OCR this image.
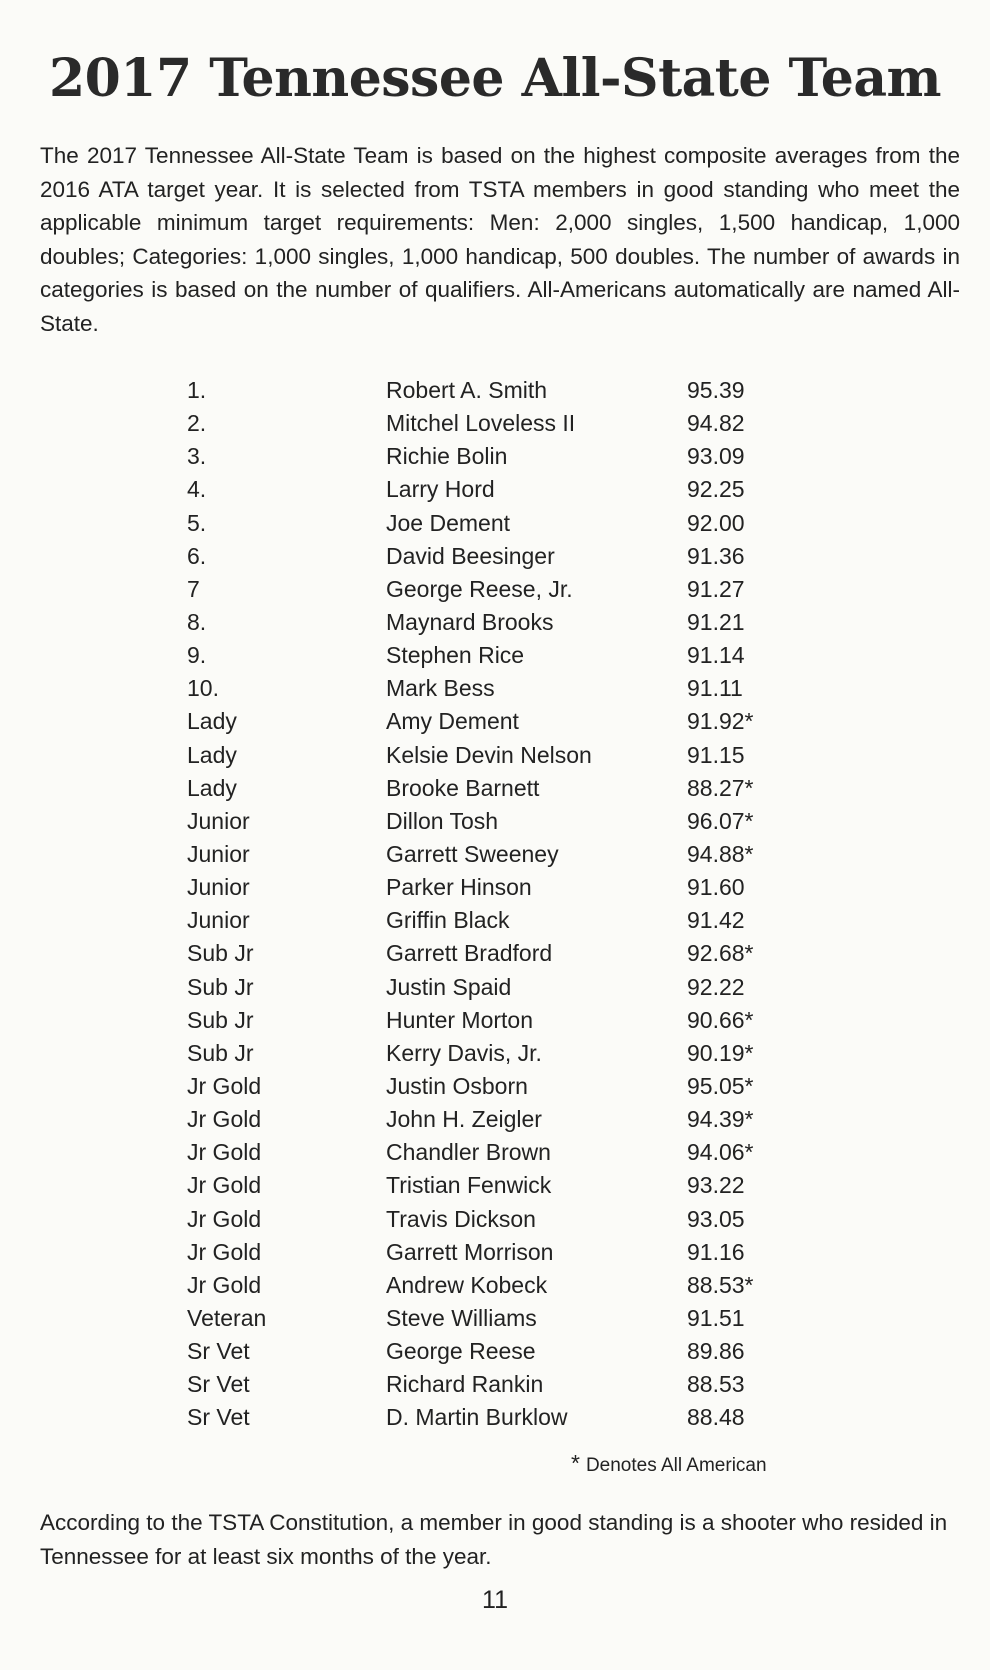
2017 Tennessee All-State Team

The 2017 Tennessee All-State Team is based on the highest composite averages from the 2016 ATA target year. It is selected from TSTA members in good standing who meet the applicable minimum target requirements: Men: 2,000 singles, 1,500 handicap, 1,000 doubles; Categories: 1,000 singles, 1,000 handicap, 500 doubles. The number of awards in categories is based on the number of qualifiers. All-Americans automatically are named All-State.

1.	Robert A. Smith	95.39
2.	Mitchel Loveless II	94.82
3.	Richie Bolin	93.09
4.	Larry Hord	92.25
5.	Joe Dement	92.00
6.	David Beesinger	91.36
7	George Reese, Jr.	91.27
8.	Maynard Brooks	91.21
9.	Stephen Rice	91.14
10.	Mark Bess	91.11
Lady	Amy Dement	91.92*
Lady	Kelsie Devin Nelson	91.15
Lady	Brooke Barnett	88.27*
Junior	Dillon Tosh	96.07*
Junior	Garrett Sweeney	94.88*
Junior	Parker Hinson	91.60
Junior	Griffin Black	91.42
Sub Jr	Garrett Bradford	92.68*
Sub Jr	Justin Spaid	92.22
Sub Jr	Hunter Morton	90.66*
Sub Jr	Kerry Davis, Jr.	90.19*
Jr Gold	Justin Osborn	95.05*
Jr Gold	John H. Zeigler	94.39*
Jr Gold	Chandler Brown	94.06*
Jr Gold	Tristian Fenwick	93.22
Jr Gold	Travis Dickson	93.05
Jr Gold	Garrett Morrison	91.16
Jr Gold	Andrew Kobeck	88.53*
Veteran	Steve Williams	91.51
Sr Vet	George Reese	89.86
Sr Vet	Richard Rankin	88.53
Sr Vet	D. Martin Burklow	88.48
* Denotes All American

According to the TSTA Constitution, a member in good standing is a shooter who resided in Tennessee for at least six months of the year.

11
